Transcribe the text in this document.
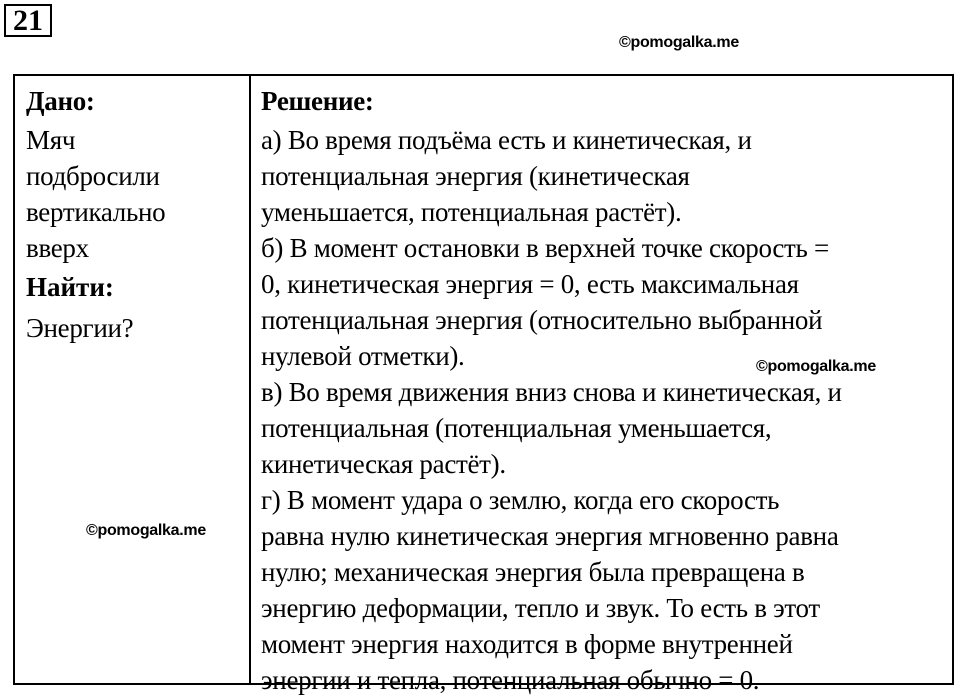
21
©pomogalka.me
Дано:
Мяч
подбросили
вертикально
вверх
Найти:
Энергии?
Решение:
а) Во время подъёма есть и кинетическая, и
потенциальная энергия (кинетическая
уменьшается, потенциальная растёт).
б) В момент остановки в верхней точке скорость =
0, кинетическая энергия = 0, есть максимальная
потенциальная энергия (относительно выбранной
нулевой отметки).
в) Во время движения вниз снова и кинетическая, и
потенциальная (потенциальная уменьшается,
кинетическая растёт).
г) В момент удара о землю, когда его скорость
равна нулю кинетическая энергия мгновенно равна
нулю; механическая энергия была превращена в
энергию деформации, тепло и звук. То есть в этот
момент энергия находится в форме внутренней
энергии и тепла, потенциальная обычно = 0.
©pomogalka.me
©pomogalka.me
